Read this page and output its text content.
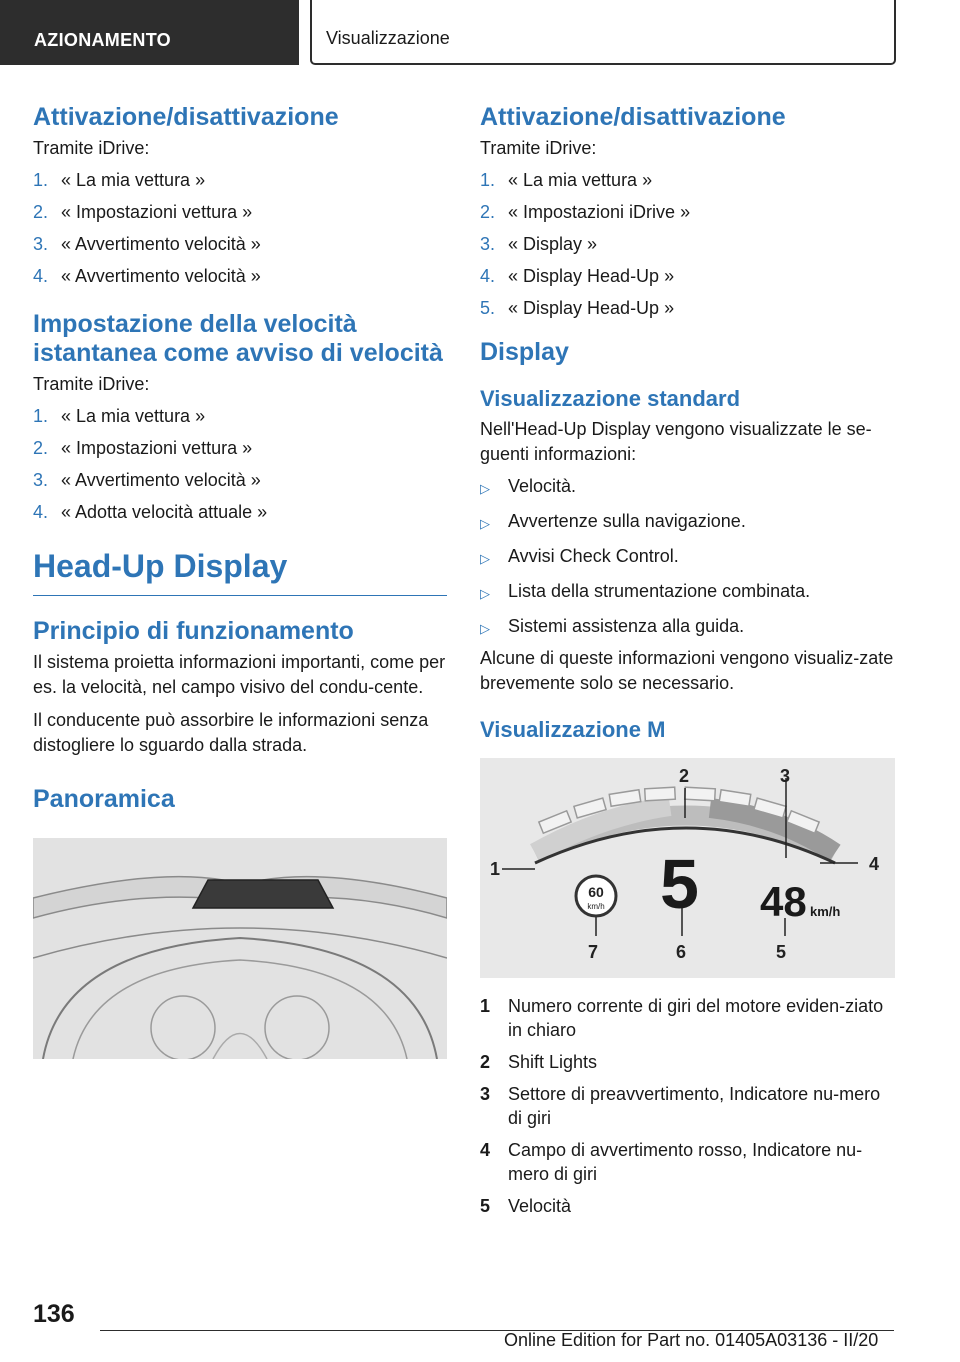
AZIONAMENTO	Visualizzazione
Attivazione/disattivazione

Tramite iDrive:

1. « La mia vettura »
2. « Impostazioni vettura »
3. « Avvertimento velocità »
4. « Avvertimento velocità »
Impostazione della velocità istantanea come avviso di velocità

Tramite iDrive:

1. « La mia vettura »
2. « Impostazioni vettura »
3. « Avvertimento velocità »
4. « Adotta velocità attuale »
Head-Up Display
Principio di funzionamento

Il sistema proietta informazioni importanti, come per es. la velocità, nel campo visivo del condu-cente.

Il conducente può assorbire le informazioni senza distogliere lo sguardo dalla strada.

Panoramica
Attivazione/disattivazione

Tramite iDrive:

1. « La mia vettura »
2. « Impostazioni iDrive »
3. « Display »
4. « Display Head-Up »
5. « Display Head-Up »
Display
Visualizzazione standard

Nell'Head-Up Display vengono visualizzate le se-guenti informazioni:

▷	Velocità.
▷	Avvertenze sulla navigazione.
▷	Avvisi Check Control.
▷	Lista della strumentazione combinata.
▷	Sistemi assistenza alla guida.

Alcune di queste informazioni vengono visualiz-zate brevemente solo se necessario.

Visualizzazione M
1
2	3
4
5
6
7
60
km/h 5 48 km/h
1 Numero corrente di giri del motore eviden-ziato in chiaro
2 Shift Lights
3 Settore di preavvertimento, Indicatore nu-mero di giri
4 Campo di avvertimento rosso, Indicatore nu-mero di giri
5 Velocità
136
Online Edition for Part no. 01405A03136 - II/20
